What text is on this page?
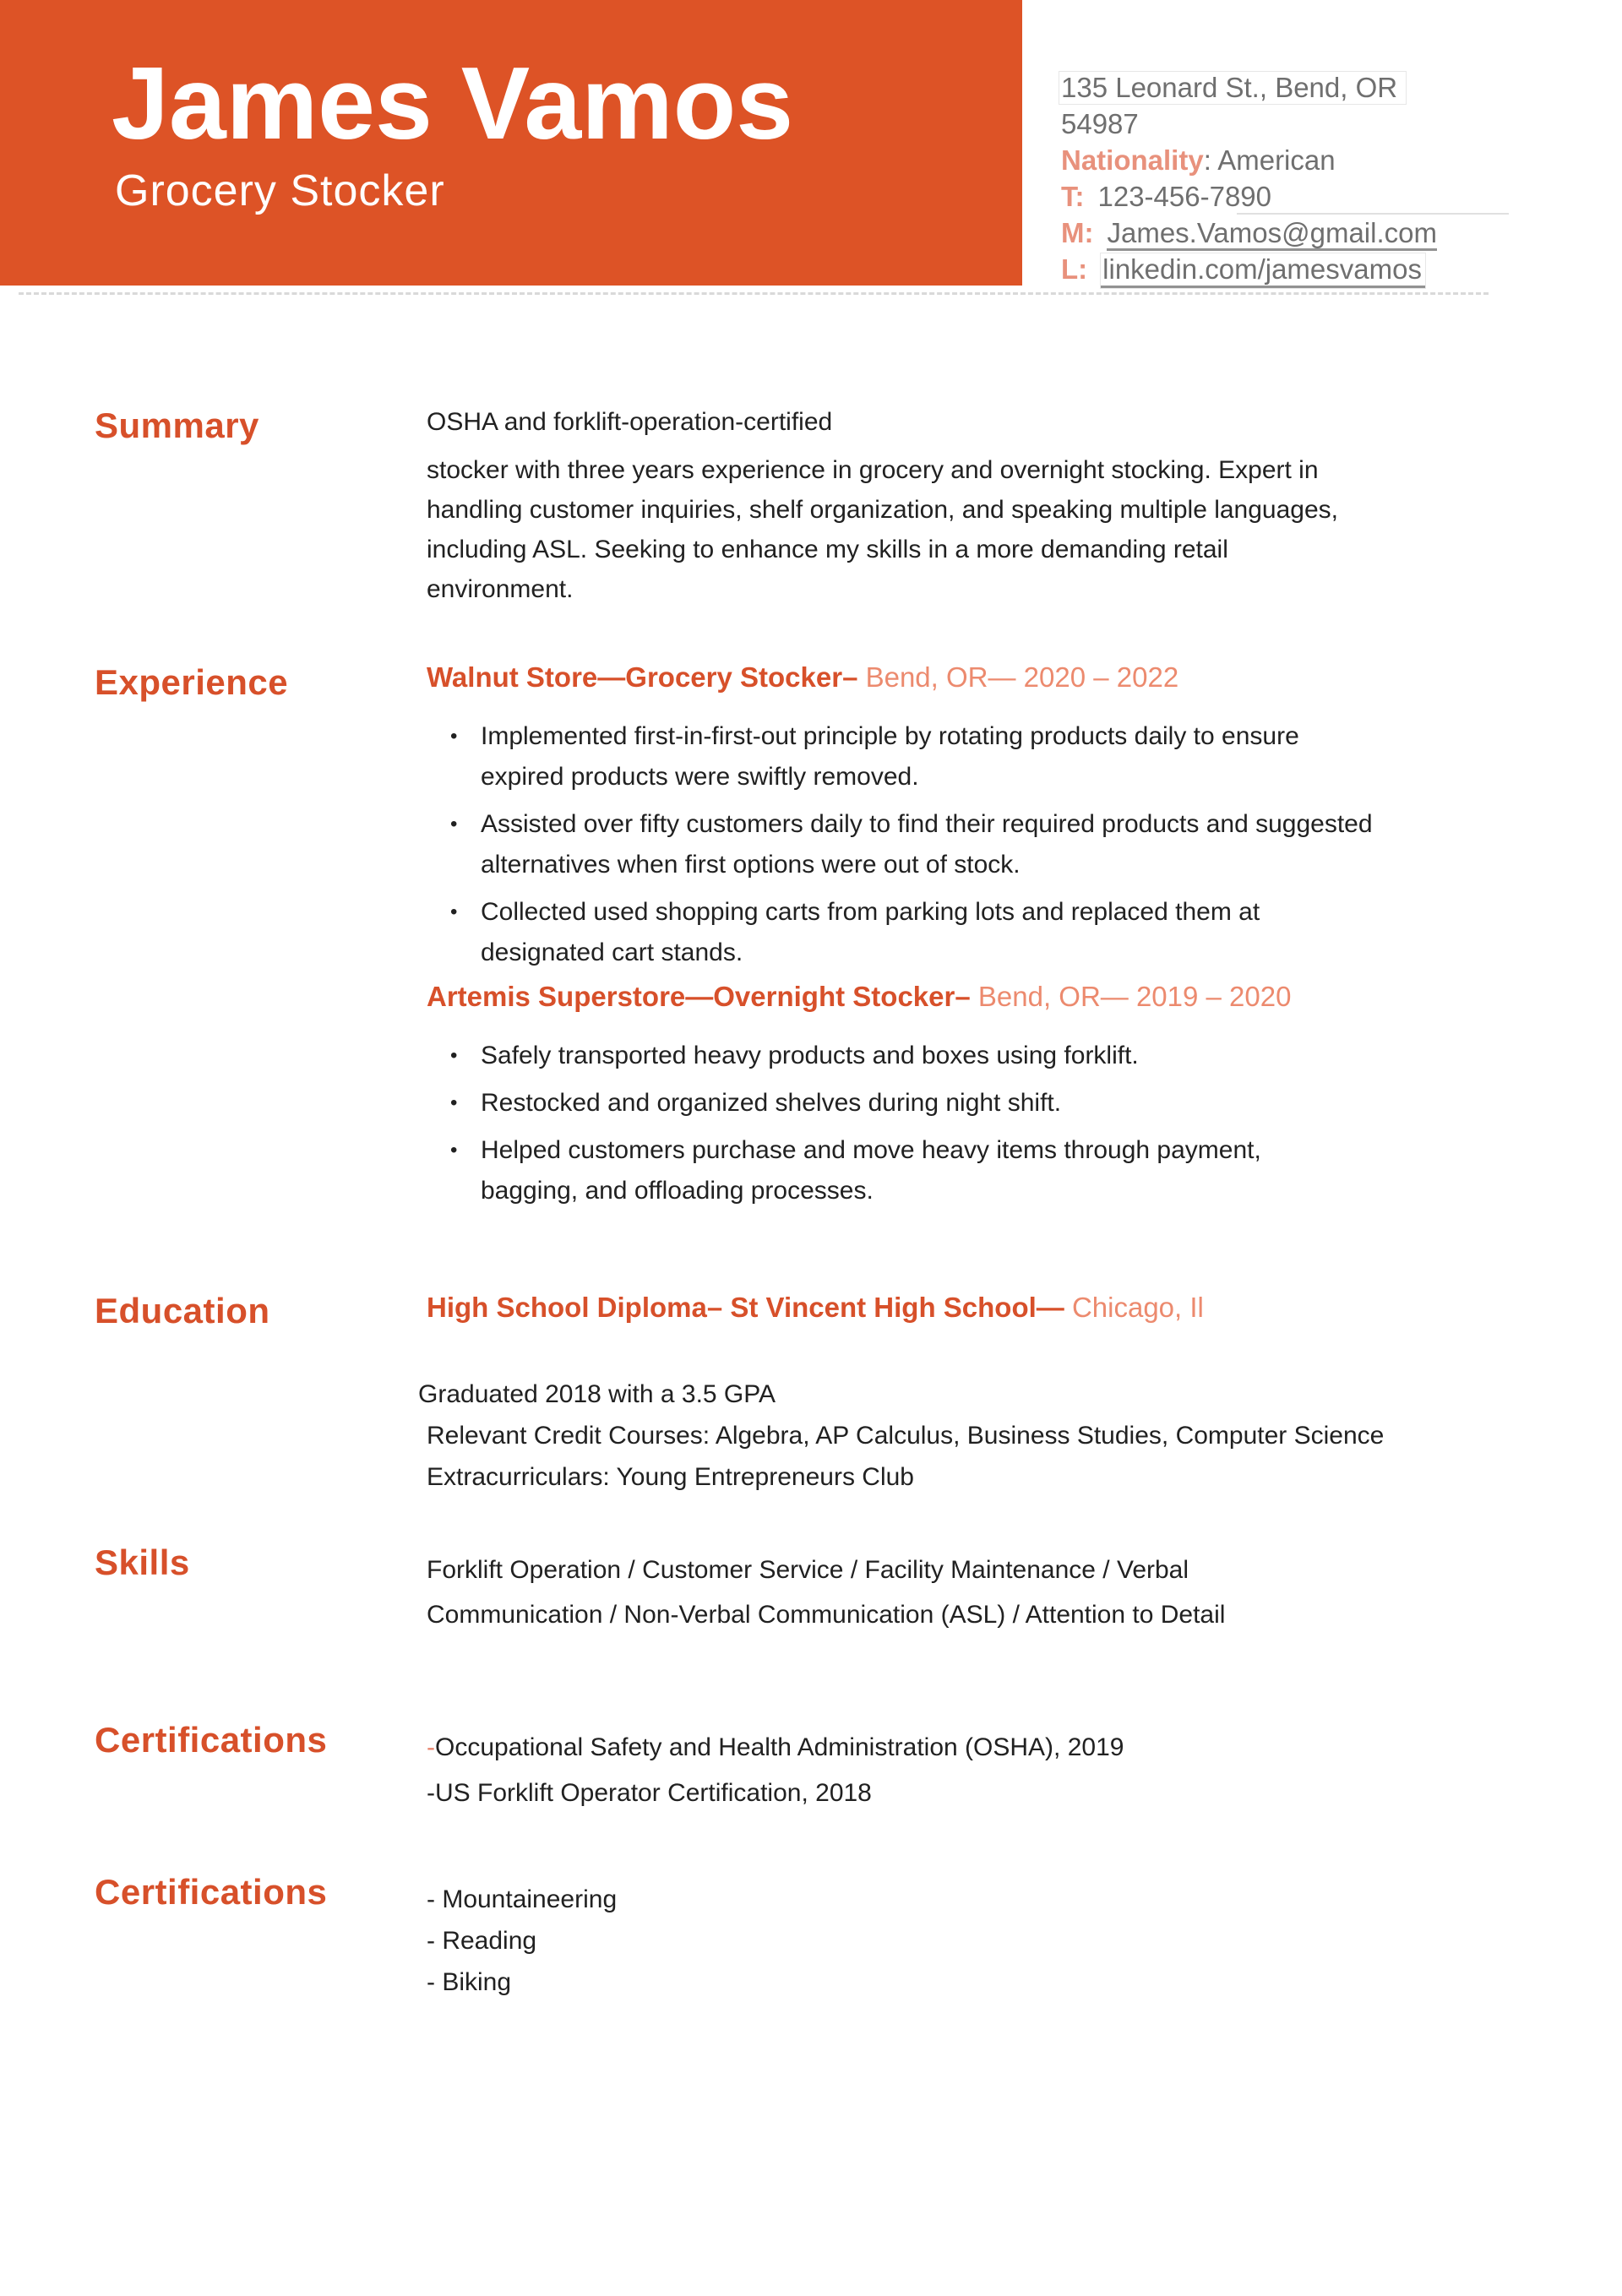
James Vamos
Grocery Stocker
135 Leonard St., Bend, OR
54987
Nationality: American
T: 123-456-7890
M: James.Vamos@gmail.com
L: linkedin.com/jamesvamos
Summary	OSHA and forklift-operation-certified
stocker with three years experience in grocery and overnight stocking. Expert in
handling customer inquiries, shelf organization, and speaking multiple languages,
including ASL. Seeking to enhance my skills in a more demanding retail
environment.
Experience	Walnut Store—Grocery Stocker– Bend, OR— 2020 – 2022
• Implemented first-in-first-out principle by rotating products daily to ensure
expired products were swiftly removed.
• Assisted over fifty customers daily to find their required products and suggested
alternatives when first options were out of stock.
• Collected used shopping carts from parking lots and replaced them at
designated cart stands.
Artemis Superstore—Overnight Stocker– Bend, OR— 2019 – 2020
• Safely transported heavy products and boxes using forklift.
• Restocked and organized shelves during night shift.
• Helped customers purchase and move heavy items through payment,
bagging, and offloading processes.
Education	High School Diploma– St Vincent High School— Chicago, Il
Graduated 2018 with a 3.5 GPA
Relevant Credit Courses: Algebra, AP Calculus, Business Studies, Computer Science
Extracurriculars: Young Entrepreneurs Club
Skills	Forklift Operation / Customer Service / Facility Maintenance / Verbal
Communication / Non-Verbal Communication (ASL) / Attention to Detail
Certifications	-Occupational Safety and Health Administration (OSHA), 2019
-US Forklift Operator Certification, 2018
Certifications	- Mountaineering
- Reading
- Biking
